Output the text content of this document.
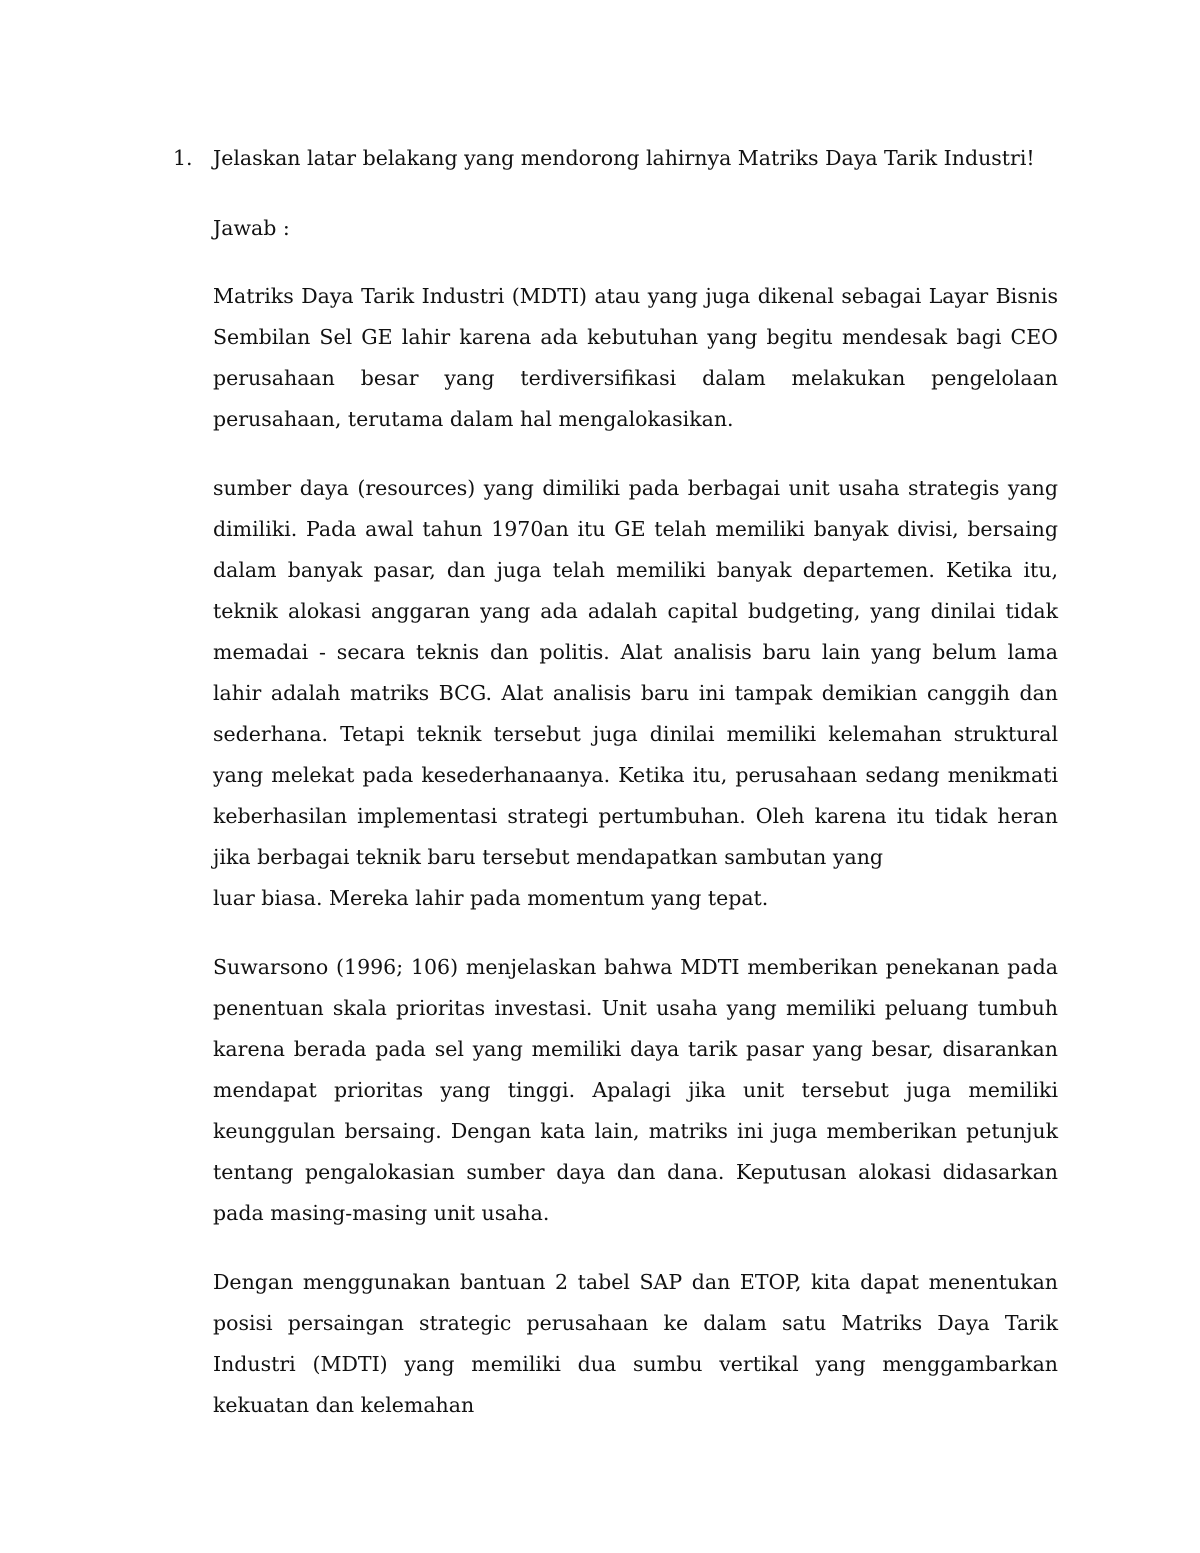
1. Jelaskan latar belakang yang mendorong lahirnya Matriks Daya Tarik Industri!
Jawab :

Matriks Daya Tarik Industri (MDTI) atau yang juga dikenal sebagai Layar Bisnis Sembilan Sel GE lahir karena ada kebutuhan yang begitu mendesak bagi CEO perusahaan besar yang terdiversifikasi dalam melakukan pengelolaan perusahaan, terutama dalam hal mengalokasikan.

sumber daya (resources) yang dimiliki pada berbagai unit usaha strategis yang dimiliki. Pada awal tahun 1970an itu GE telah memiliki banyak divisi, bersaing dalam banyak pasar, dan juga telah memiliki banyak departemen. Ketika itu, teknik alokasi anggaran yang ada adalah capital budgeting, yang dinilai tidak memadai - secara teknis dan politis. Alat analisis baru lain yang belum lama lahir adalah matriks BCG. Alat analisis baru ini tampak demikian canggih dan sederhana. Tetapi teknik tersebut juga dinilai memiliki kelemahan struktural yang melekat pada kesederhanaanya. Ketika itu, perusahaan sedang menikmati keberhasilan implementasi strategi pertumbuhan. Oleh karena itu tidak heran jika berbagai teknik baru tersebut mendapatkan sambutan yang

luar biasa. Mereka lahir pada momentum yang tepat.

Suwarsono (1996; 106) menjelaskan bahwa MDTI memberikan penekanan pada penentuan skala prioritas investasi. Unit usaha yang memiliki peluang tumbuh karena berada pada sel yang memiliki daya tarik pasar yang besar, disarankan mendapat prioritas yang tinggi. Apalagi jika unit tersebut juga memiliki keunggulan bersaing. Dengan kata lain, matriks ini juga memberikan petunjuk tentang pengalokasian sumber daya dan dana. Keputusan alokasi didasarkan pada masing-masing unit usaha.

Dengan menggunakan bantuan 2 tabel SAP dan ETOP, kita dapat menentukan posisi persaingan strategic perusahaan ke dalam satu Matriks Daya Tarik Industri (MDTI) yang memiliki dua sumbu vertikal yang menggambarkan kekuatan dan kelemahan
